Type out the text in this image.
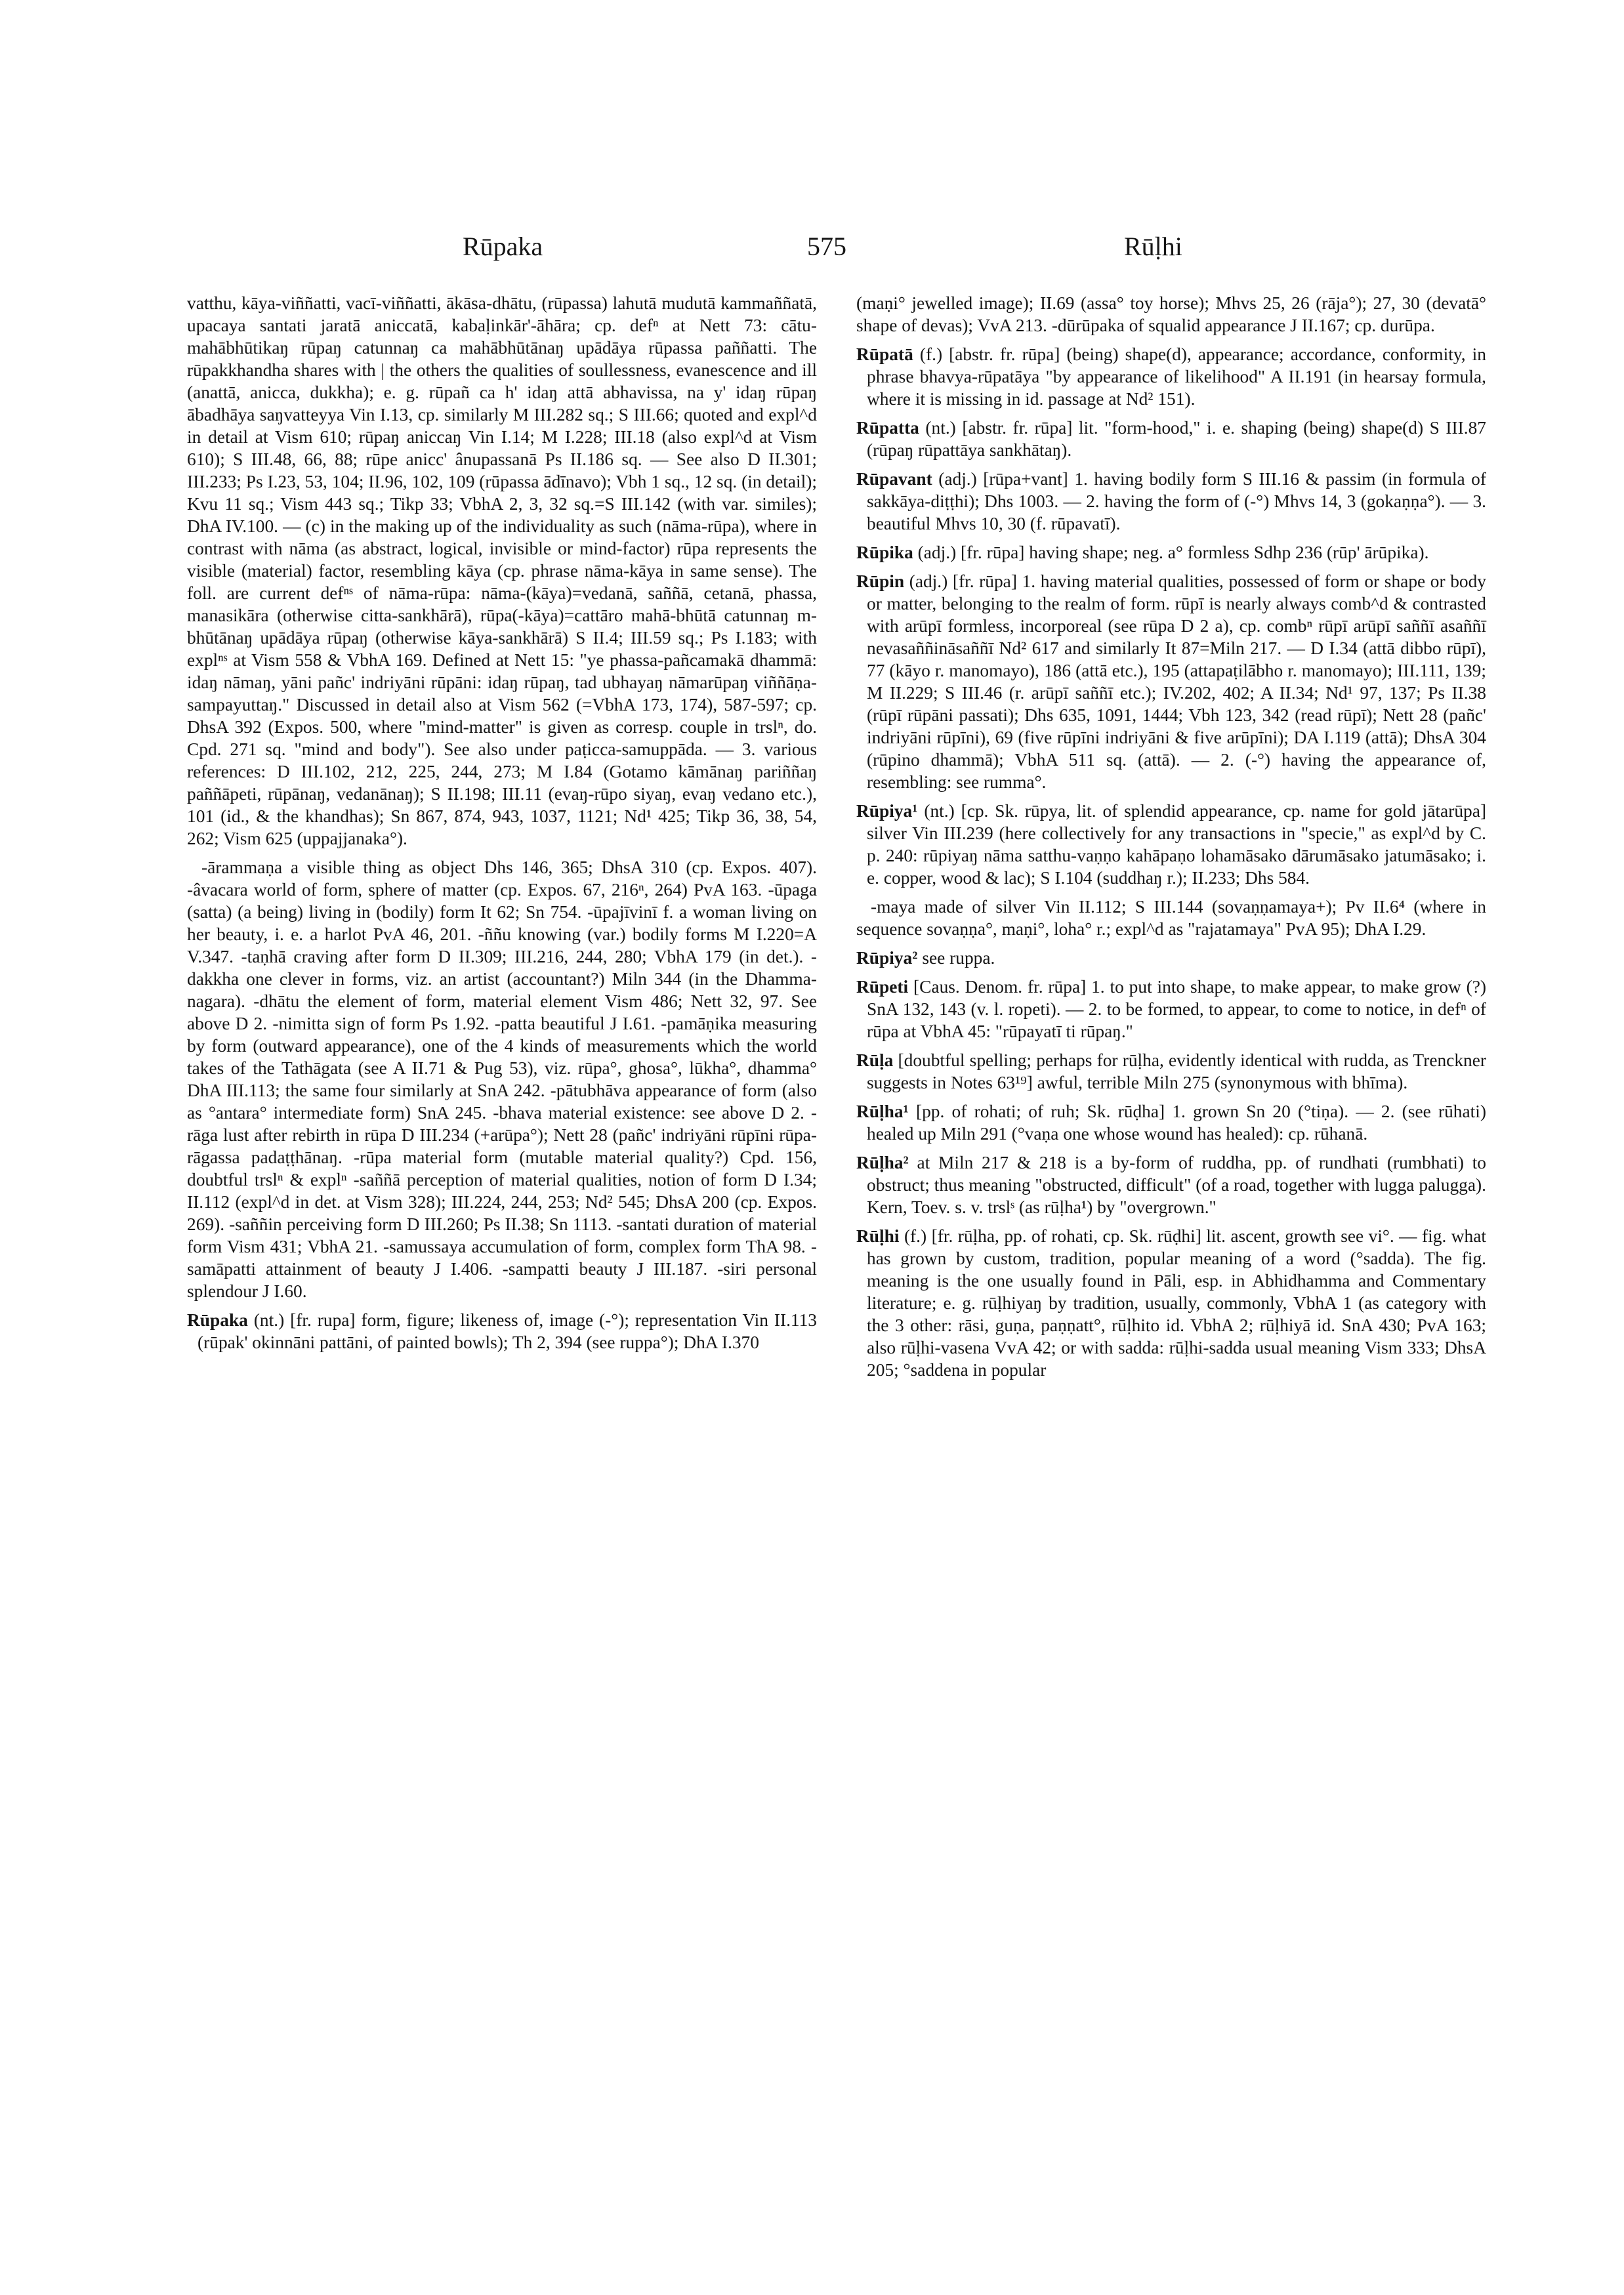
Rūpaka	575	Rūḷhi

vatthu, kāya-viññatti, vacī-viññatti, ākāsa-dhātu, (rūpassa) lahutā mudutā kammaññatā, upacaya santati jaratā aniccatā, kabaḷinkār'-āhāra; cp. defⁿ at Nett 73: cātu-mahābhūtikaŋ rūpaŋ catunnaŋ ca mahābhūtānaŋ upādāya rūpassa paññatti. The rūpakkhandha shares with | the others the qualities of soullessness, evanescence and ill (anattā, anicca, dukkha); e. g. rūpañ ca h' idaŋ attā abhavissa, na y' idaŋ rūpaŋ ābadhāya saŋvatteyya Vin I.13, cp. similarly M III.282 sq.; S III.66; quoted and expl^d in detail at Vism 610; rūpaŋ aniccaŋ Vin I.14; M I.228; III.18 (also expl^d at Vism 610); S III.48, 66, 88; rūpe anicc' ânupassanā Ps II.186 sq. — See also D II.301; III.233; Ps I.23, 53, 104; II.96, 102, 109 (rūpassa ādīnavo); Vbh 1 sq., 12 sq. (in detail); Kvu 11 sq.; Vism 443 sq.; Tikp 33; VbhA 2, 3, 32 sq.=S III.142 (with var. similes); DhA IV.100. — (c) in the making up of the individuality as such (nāma-rūpa), where in contrast with nāma (as abstract, logical, invisible or mind-factor) rūpa represents the visible (material) factor, resembling kāya (cp. phrase nāma-kāya in same sense). The foll. are current defⁿˢ of nāma-rūpa: nāma-(kāya)=vedanā, saññā, cetanā, phassa, manasikāra (otherwise citta-sankhārā), rūpa(-kāya)=cattāro mahā-bhūtā catunnaŋ m-bhūtānaŋ upādāya rūpaŋ (otherwise kāya-sankhārā) S II.4; III.59 sq.; Ps I.183; with explⁿˢ at Vism 558 & VbhA 169. Defined at Nett 15: "ye phassa-pañcamakā dhammā: idaŋ nāmaŋ, yāni pañc' indriyāni rūpāni: idaŋ rūpaŋ, tad ubhayaŋ nāmarūpaŋ viññāṇa-sampayuttaŋ." Discussed in detail also at Vism 562 (=VbhA 173, 174), 587-597; cp. DhsA 392 (Expos. 500, where "mind-matter" is given as corresp. couple in trslⁿ, do. Cpd. 271 sq. "mind and body"). See also under paṭicca-samuppāda. — 3. various references: D III.102, 212, 225, 244, 273; M I.84 (Gotamo kāmānaŋ pariññaŋ paññāpeti, rūpānaŋ, vedanānaŋ); S II.198; III.11 (evaŋ-rūpo siyaŋ, evaŋ vedano etc.), 101 (id., & the khandhas); Sn 867, 874, 943, 1037, 1121; Nd¹ 425; Tikp 36, 38, 54, 262; Vism 625 (uppajjanaka°).

-ārammaṇa a visible thing as object Dhs 146, 365; DhsA 310 (cp. Expos. 407). -âvacara world of form, sphere of matter (cp. Expos. 67, 216ⁿ, 264) PvA 163. -ūpaga (satta) (a being) living in (bodily) form It 62; Sn 754. -ūpajīvinī f. a woman living on her beauty, i. e. a harlot PvA 46, 201. -ññu knowing (var.) bodily forms M I.220=A V.347. -taṇhā craving after form D II.309; III.216, 244, 280; VbhA 179 (in det.). -dakkha one clever in forms, viz. an artist (accountant?) Miln 344 (in the Dhamma-nagara). -dhātu the element of form, material element Vism 486; Nett 32, 97. See above D 2. -nimitta sign of form Ps 1.92. -patta beautiful J I.61. -pamāṇika measuring by form (outward appearance), one of the 4 kinds of measurements which the world takes of the Tathāgata (see A II.71 & Pug 53), viz. rūpa°, ghosa°, lūkha°, dhamma° DhA III.113; the same four similarly at SnA 242. -pātubhāva appearance of form (also as °antara° intermediate form) SnA 245. -bhava material existence: see above D 2. -rāga lust after rebirth in rūpa D III.234 (+arūpa°); Nett 28 (pañc' indriyāni rūpīni rūpa-rāgassa padaṭṭhānaŋ. -rūpa material form (mutable material quality?) Cpd. 156, doubtful trslⁿ & explⁿ -saññā perception of material qualities, notion of form D I.34; II.112 (expl^d in det. at Vism 328); III.224, 244, 253; Nd² 545; DhsA 200 (cp. Expos. 269). -saññin perceiving form D III.260; Ps II.38; Sn 1113. -santati duration of material form Vism 431; VbhA 21. -samussaya accumulation of form, complex form ThA 98. -samāpatti attainment of beauty J I.406. -sampatti beauty J III.187. -siri personal splendour J I.60.

Rūpaka (nt.) [fr. rupa] form, figure; likeness of, image (-°); representation Vin II.113 (rūpak' okinnāni pattāni, of painted bowls); Th 2, 394 (see ruppa°); DhA I.370

(maṇi° jewelled image); II.69 (assa° toy horse); Mhvs 25, 26 (rāja°); 27, 30 (devatā° shape of devas); VvA 213. -dūrūpaka of squalid appearance J II.167; cp. durūpa.

Rūpatā (f.) [abstr. fr. rūpa] (being) shape(d), appearance; accordance, conformity, in phrase bhavya-rūpatāya "by appearance of likelihood" A II.191 (in hearsay formula, where it is missing in id. passage at Nd² 151).

Rūpatta (nt.) [abstr. fr. rūpa] lit. "form-hood," i. e. shaping (being) shape(d) S III.87 (rūpaŋ rūpattāya sankhātaŋ).

Rūpavant (adj.) [rūpa+vant] 1. having bodily form S III.16 & passim (in formula of sakkāya-diṭṭhi); Dhs 1003. — 2. having the form of (-°) Mhvs 14, 3 (gokaṇṇa°). — 3. beautiful Mhvs 10, 30 (f. rūpavatī).

Rūpika (adj.) [fr. rūpa] having shape; neg. a° formless Sdhp 236 (rūp' ārūpika).

Rūpin (adj.) [fr. rūpa] 1. having material qualities, possessed of form or shape or body or matter, belonging to the realm of form. rūpī is nearly always comb^d & contrasted with arūpī formless, incorporeal (see rūpa D 2 a), cp. combⁿ rūpī arūpī saññī asaññī nevasaññināsaññī Nd² 617 and similarly It 87=Miln 217. — D I.34 (attā dibbo rūpī), 77 (kāyo r. manomayo), 186 (attā etc.), 195 (attapaṭilābho r. manomayo); III.111, 139; M II.229; S III.46 (r. arūpī saññī etc.); IV.202, 402; A II.34; Nd¹ 97, 137; Ps II.38 (rūpī rūpāni passati); Dhs 635, 1091, 1444; Vbh 123, 342 (read rūpī); Nett 28 (pañc' indriyāni rūpīni), 69 (five rūpīni indriyāni & five arūpīni); DA I.119 (attā); DhsA 304 (rūpino dhammā); VbhA 511 sq. (attā). — 2. (-°) having the appearance of, resembling: see rumma°.

Rūpiya¹ (nt.) [cp. Sk. rūpya, lit. of splendid appearance, cp. name for gold jātarūpa] silver Vin III.239 (here collectively for any transactions in "specie," as expl^d by C. p. 240: rūpiyaŋ nāma satthu-vaṇṇo kahāpaṇo lohamāsako dārumāsako jatumāsako; i. e. copper, wood & lac); S I.104 (suddhaŋ r.); II.233; Dhs 584.

-maya made of silver Vin II.112; S III.144 (sovaṇṇamaya+); Pv II.6⁴ (where in sequence sovaṇṇa°, maṇi°, loha° r.; expl^d as "rajatamaya" PvA 95); DhA I.29.

Rūpiya² see ruppa.

Rūpeti [Caus. Denom. fr. rūpa] 1. to put into shape, to make appear, to make grow (?) SnA 132, 143 (v. l. ropeti). — 2. to be formed, to appear, to come to notice, in defⁿ of rūpa at VbhA 45: "rūpayatī ti rūpaŋ."

Rūḷa [doubtful spelling; perhaps for rūḷha, evidently identical with rudda, as Trenckner suggests in Notes 63¹⁹] awful, terrible Miln 275 (synonymous with bhīma).

Rūḷha¹ [pp. of rohati; of ruh; Sk. rūḍha] 1. grown Sn 20 (°tiṇa). — 2. (see rūhati) healed up Miln 291 (°vaṇa one whose wound has healed): cp. rūhanā.

Rūḷha² at Miln 217 & 218 is a by-form of ruddha, pp. of rundhati (rumbhati) to obstruct; thus meaning "obstructed, difficult" (of a road, together with lugga palugga). Kern, Toev. s. v. trslˢ (as rūḷha¹) by "overgrown."

Rūḷhi (f.) [fr. rūḷha, pp. of rohati, cp. Sk. rūḍhi] lit. ascent, growth see vi°. — fig. what has grown by custom, tradition, popular meaning of a word (°sadda). The fig. meaning is the one usually found in Pāli, esp. in Abhidhamma and Commentary literature; e. g. rūḷhiyaŋ by tradition, usually, commonly, VbhA 1 (as category with the 3 other: rāsi, guṇa, paṇṇatt°, rūḷhito id. VbhA 2; rūḷhiyā id. SnA 430; PvA 163; also rūḷhi-vasena VvA 42; or with sadda: rūḷhi-sadda usual meaning Vism 333; DhsA 205; °saddena in popular
